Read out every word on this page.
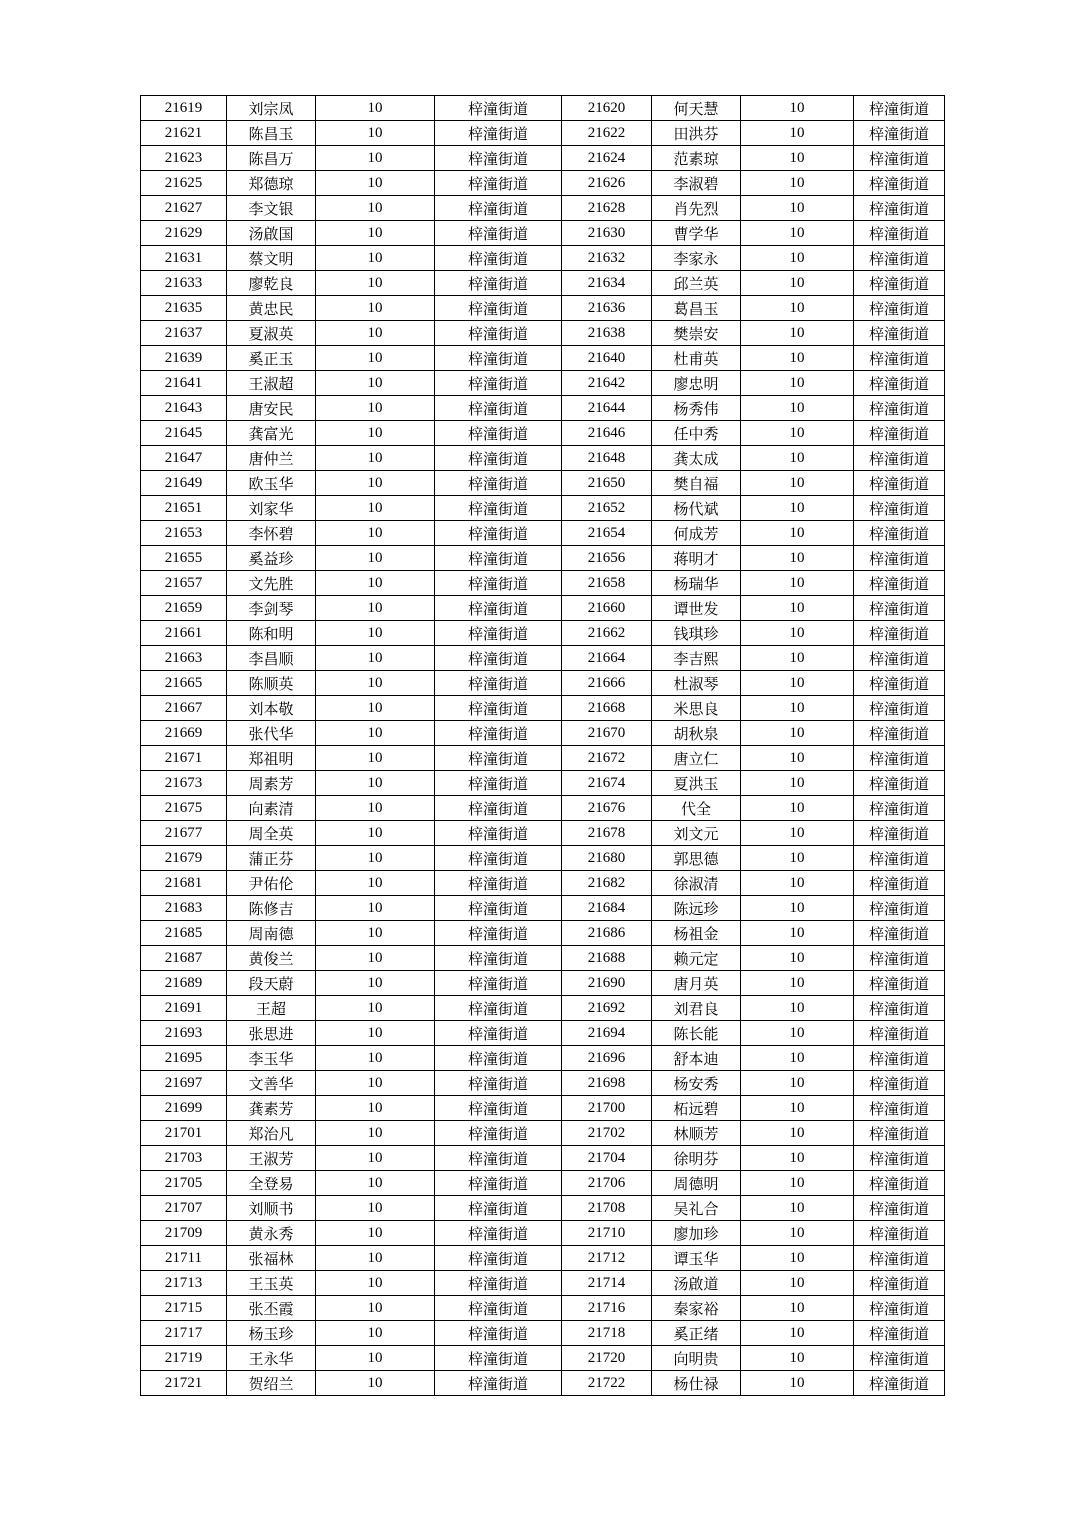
21619	刘宗凤	10	梓潼街道	21620	何天慧	10	梓潼街道
21621	陈昌玉	10	梓潼街道	21622	田洪芬	10	梓潼街道
21623	陈昌万	10	梓潼街道	21624	范素琼	10	梓潼街道
21625	郑德琼	10	梓潼街道	21626	李淑碧	10	梓潼街道
21627	李文银	10	梓潼街道	21628	肖先烈	10	梓潼街道
21629	汤啟国	10	梓潼街道	21630	曹学华	10	梓潼街道
21631	蔡文明	10	梓潼街道	21632	李家永	10	梓潼街道
21633	廖乾良	10	梓潼街道	21634	邱兰英	10	梓潼街道
21635	黄忠民	10	梓潼街道	21636	葛昌玉	10	梓潼街道
21637	夏淑英	10	梓潼街道	21638	樊崇安	10	梓潼街道
21639	奚正玉	10	梓潼街道	21640	杜甫英	10	梓潼街道
21641	王淑超	10	梓潼街道	21642	廖忠明	10	梓潼街道
21643	唐安民	10	梓潼街道	21644	杨秀伟	10	梓潼街道
21645	龚富光	10	梓潼街道	21646	任中秀	10	梓潼街道
21647	唐仲兰	10	梓潼街道	21648	龚太成	10	梓潼街道
21649	欧玉华	10	梓潼街道	21650	樊自福	10	梓潼街道
21651	刘家华	10	梓潼街道	21652	杨代斌	10	梓潼街道
21653	李怀碧	10	梓潼街道	21654	何成芳	10	梓潼街道
21655	奚益珍	10	梓潼街道	21656	蒋明才	10	梓潼街道
21657	文先胜	10	梓潼街道	21658	杨瑞华	10	梓潼街道
21659	李剑琴	10	梓潼街道	21660	谭世发	10	梓潼街道
21661	陈和明	10	梓潼街道	21662	钱琪珍	10	梓潼街道
21663	李昌顺	10	梓潼街道	21664	李吉熙	10	梓潼街道
21665	陈顺英	10	梓潼街道	21666	杜淑琴	10	梓潼街道
21667	刘本敬	10	梓潼街道	21668	米思良	10	梓潼街道
21669	张代华	10	梓潼街道	21670	胡秋泉	10	梓潼街道
21671	郑祖明	10	梓潼街道	21672	唐立仁	10	梓潼街道
21673	周素芳	10	梓潼街道	21674	夏洪玉	10	梓潼街道
21675	向素清	10	梓潼街道	21676	代全	10	梓潼街道
21677	周全英	10	梓潼街道	21678	刘文元	10	梓潼街道
21679	蒲正芬	10	梓潼街道	21680	郭思德	10	梓潼街道
21681	尹佑伦	10	梓潼街道	21682	徐淑清	10	梓潼街道
21683	陈修吉	10	梓潼街道	21684	陈远珍	10	梓潼街道
21685	周南德	10	梓潼街道	21686	杨祖金	10	梓潼街道
21687	黄俊兰	10	梓潼街道	21688	赖元定	10	梓潼街道
21689	段天蔚	10	梓潼街道	21690	唐月英	10	梓潼街道
21691	王超	10	梓潼街道	21692	刘君良	10	梓潼街道
21693	张思进	10	梓潼街道	21694	陈长能	10	梓潼街道
21695	李玉华	10	梓潼街道	21696	舒本迪	10	梓潼街道
21697	文善华	10	梓潼街道	21698	杨安秀	10	梓潼街道
21699	龚素芳	10	梓潼街道	21700	柘远碧	10	梓潼街道
21701	郑治凡	10	梓潼街道	21702	林顺芳	10	梓潼街道
21703	王淑芳	10	梓潼街道	21704	徐明芬	10	梓潼街道
21705	全登易	10	梓潼街道	21706	周德明	10	梓潼街道
21707	刘顺书	10	梓潼街道	21708	吴礼合	10	梓潼街道
21709	黄永秀	10	梓潼街道	21710	廖加珍	10	梓潼街道
21711	张福林	10	梓潼街道	21712	谭玉华	10	梓潼街道
21713	王玉英	10	梓潼街道	21714	汤啟道	10	梓潼街道
21715	张丕霞	10	梓潼街道	21716	秦家裕	10	梓潼街道
21717	杨玉珍	10	梓潼街道	21718	奚正绪	10	梓潼街道
21719	王永华	10	梓潼街道	21720	向明贵	10	梓潼街道
21721	贺绍兰	10	梓潼街道	21722	杨仕禄	10	梓潼街道
